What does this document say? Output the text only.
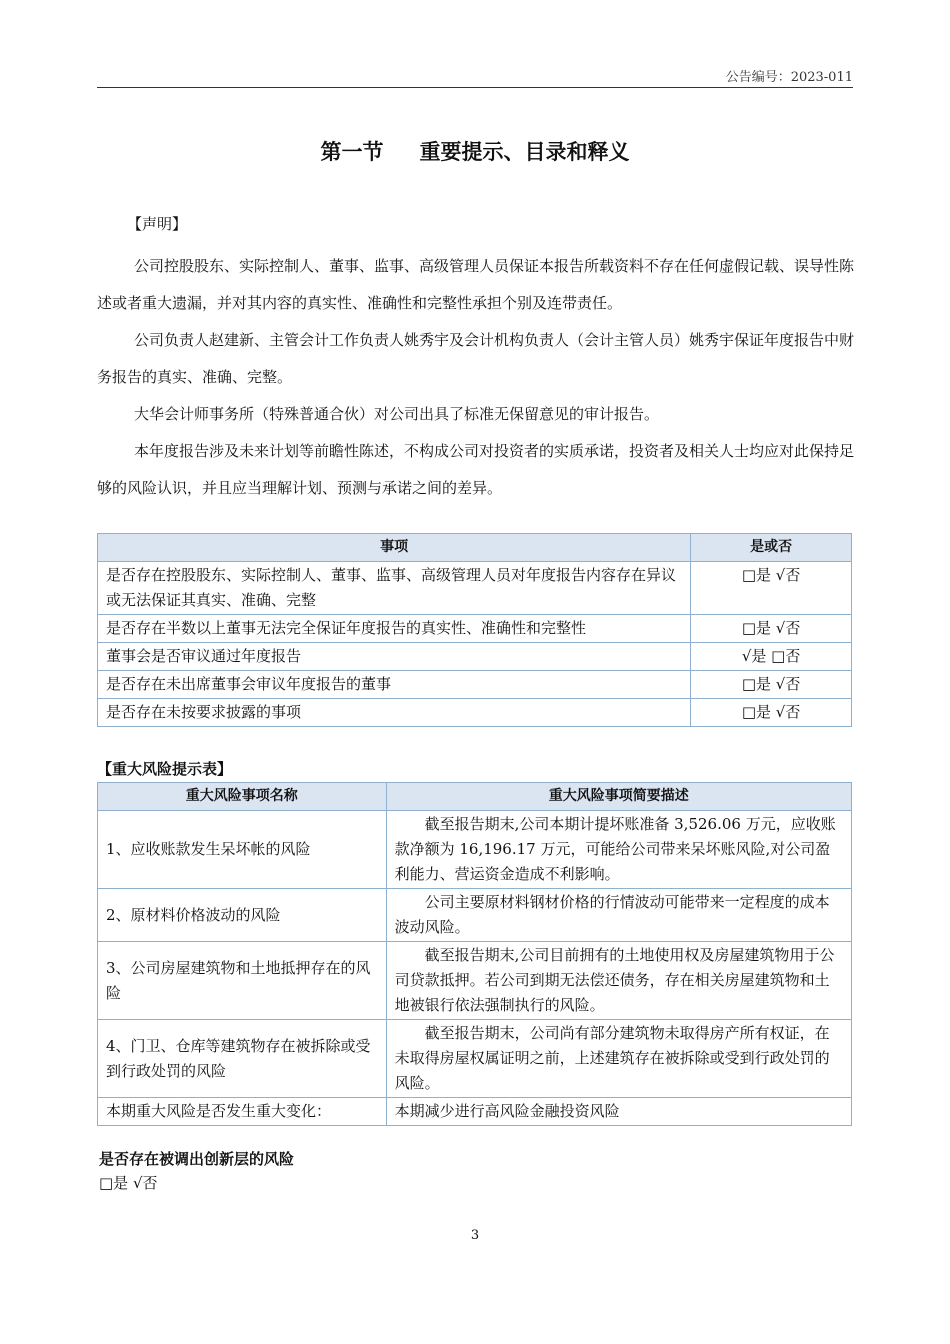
公告编号：2023-011
第一节 重要提示、目录和释义
【声明】
公司控股股东、实际控制人、董事、监事、高级管理人员保证本报告所载资料不存在任何虚假记载、误导性陈述或者重大遗漏，并对其内容的真实性、准确性和完整性承担个别及连带责任。
公司负责人赵建新、主管会计工作负责人姚秀宇及会计机构负责人（会计主管人员）姚秀宇保证年度报告中财务报告的真实、准确、完整。
大华会计师事务所（特殊普通合伙）对公司出具了标准无保留意见的审计报告。
本年度报告涉及未来计划等前瞻性陈述，不构成公司对投资者的实质承诺，投资者及相关人士均应对此保持足够的风险认识，并且应当理解计划、预测与承诺之间的差异。
事项	是或否
是否存在控股股东、实际控制人、董事、监事、高级管理人员对年度报告内容存在异议或无法保证其真实、准确、完整	□是 √否
是否存在半数以上董事无法完全保证年度报告的真实性、准确性和完整性	□是 √否
董事会是否审议通过年度报告	√是 □否
是否存在未出席董事会审议年度报告的董事	□是 √否
是否存在未按要求披露的事项	□是 √否
【重大风险提示表】
重大风险事项名称	重大风险事项简要描述
1、应收账款发生呆坏帐的风险	截至报告期末,公司本期计提坏账准备 3,526.06 万元，应收账款净额为 16,196.17 万元，可能给公司带来呆坏账风险,对公司盈利能力、营运资金造成不利影响。
2、原材料价格波动的风险	公司主要原材料钢材价格的行情波动可能带来一定程度的成本波动风险。
3、公司房屋建筑物和土地抵押存在的风险	截至报告期末,公司目前拥有的土地使用权及房屋建筑物用于公司贷款抵押。若公司到期无法偿还债务，存在相关房屋建筑物和土地被银行依法强制执行的风险。
4、门卫、仓库等建筑物存在被拆除或受到行政处罚的风险	截至报告期末，公司尚有部分建筑物未取得房产所有权证，在未取得房屋权属证明之前，上述建筑存在被拆除或受到行政处罚的风险。
本期重大风险是否发生重大变化：	本期减少进行高风险金融投资风险
是否存在被调出创新层的风险
□是 √否
3
